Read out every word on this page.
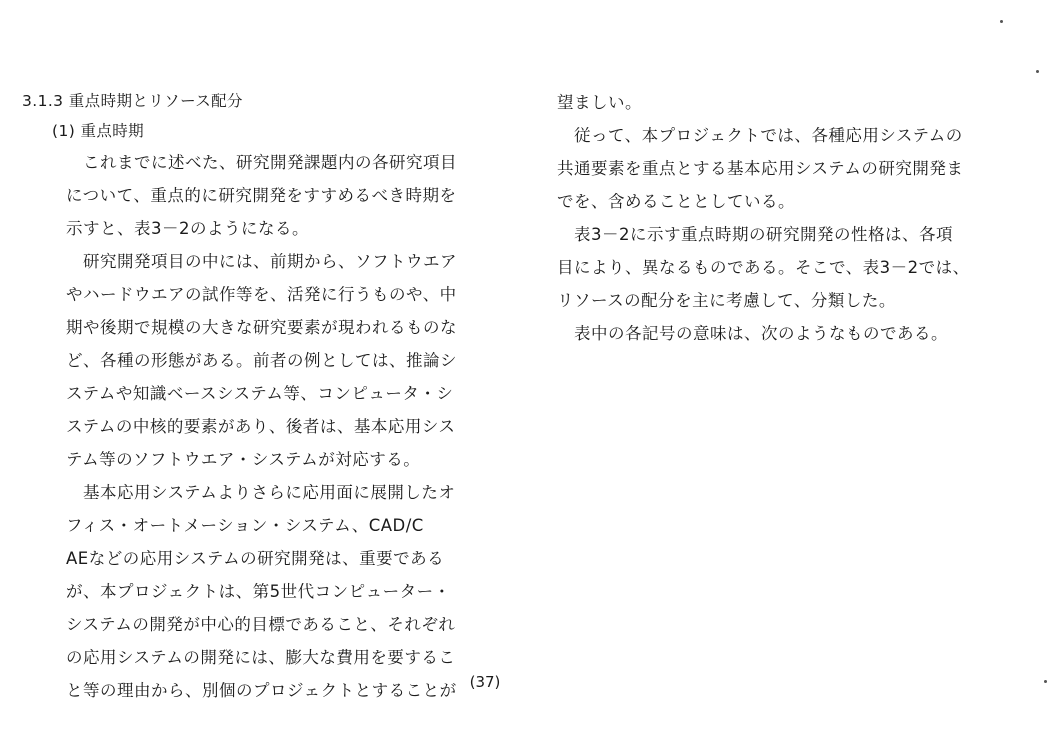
3.1.3 重点時期とリソース配分

(1) 重点時期

　これまでに述べた、研究開発課題内の各研究項目
について、重点的に研究開発をすすめるべき時期を
示すと、表3－2のようになる。

　研究開発項目の中には、前期から、ソフトウエア
やハードウエアの試作等を、活発に行うものや、中
期や後期で規模の大きな研究要素が現われるものな
ど、各種の形態がある。前者の例としては、推論シ
ステムや知識ベースシステム等、コンピュータ・シ
ステムの中核的要素があり、後者は、基本応用シス
テム等のソフトウエア・システムが対応する。

　基本応用システムよりさらに応用面に展開したオ
フィス・オートメーション・システム、CAD/C
AEなどの応用システムの研究開発は、重要である
が、本プロジェクトは、第5世代コンピューター・
システムの開発が中心的目標であること、それぞれ
の応用システムの開発には、膨大な費用を要するこ
と等の理由から、別個のプロジェクトとすることが

望ましい。

　従って、本プロジェクトでは、各種応用システムの
共通要素を重点とする基本応用システムの研究開発ま
でを、含めることとしている。

　表3－2に示す重点時期の研究開発の性格は、各項
目により、異なるものである。そこで、表3－2では、
リソースの配分を主に考慮して、分類した。

　表中の各記号の意味は、次のようなものである。

(37)
